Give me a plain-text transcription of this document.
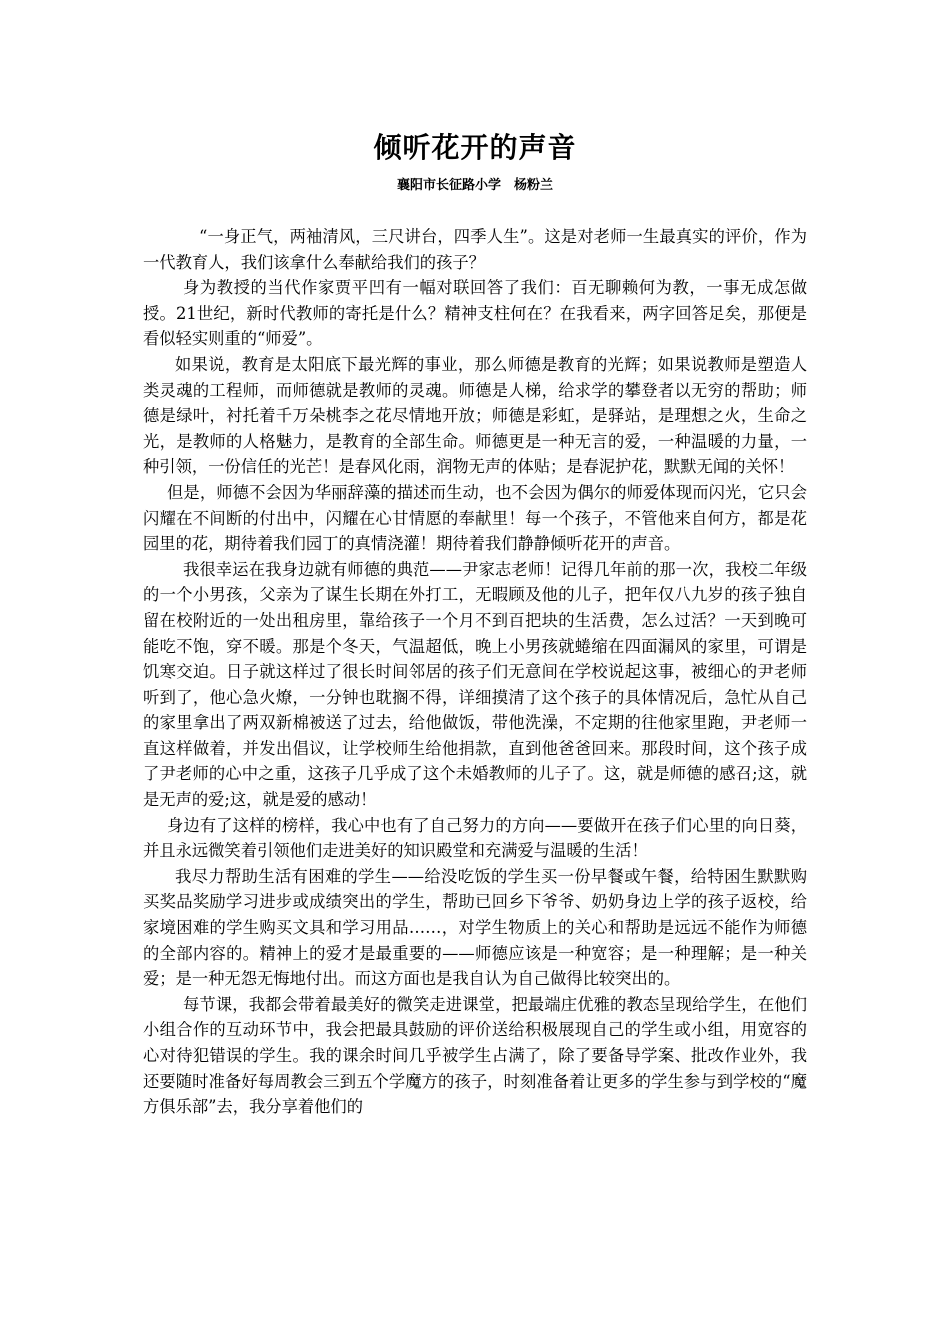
倾听花开的声音
襄阳市长征路小学　杨粉兰

“一身正气，两袖清风，三尺讲台，四季人生”。这是对老师一生最真实的评价，作为一代教育人，我们该拿什么奉献给我们的孩子？

身为教授的当代作家贾平凹有一幅对联回答了我们：百无聊赖何为教，一事无成怎做授。21世纪，新时代教师的寄托是什么？精神支柱何在？在我看来，两字回答足矣，那便是看似轻实则重的“师爱”。

如果说，教育是太阳底下最光辉的事业，那么师德是教育的光辉；如果说教师是塑造人类灵魂的工程师，而师德就是教师的灵魂。师德是人梯，给求学的攀登者以无穷的帮助；师德是绿叶，衬托着千万朵桃李之花尽情地开放；师德是彩虹，是驿站，是理想之火，生命之光，是教师的人格魅力，是教育的全部生命。师德更是一种无言的爱，一种温暖的力量，一种引领，一份信任的光芒！是春风化雨，润物无声的体贴；是春泥护花，默默无闻的关怀！

但是，师德不会因为华丽辞藻的描述而生动，也不会因为偶尔的师爱体现而闪光，它只会闪耀在不间断的付出中，闪耀在心甘情愿的奉献里！每一个孩子，不管他来自何方，都是花园里的花，期待着我们园丁的真情浇灌！期待着我们静静倾听花开的声音。

我很幸运在我身边就有师德的典范——尹家志老师！记得几年前的那一次，我校二年级的一个小男孩，父亲为了谋生长期在外打工，无暇顾及他的儿子，把年仅八九岁的孩子独自留在校附近的一处出租房里，靠给孩子一个月不到百把块的生活费，怎么过活？一天到晚可能吃不饱，穿不暖。那是个冬天，气温超低，晚上小男孩就蜷缩在四面漏风的家里，可谓是饥寒交迫。日子就这样过了很长时间邻居的孩子们无意间在学校说起这事，被细心的尹老师听到了，他心急火燎，一分钟也耽搁不得，详细摸清了这个孩子的具体情况后，急忙从自己的家里拿出了两双新棉被送了过去，给他做饭，带他洗澡，不定期的往他家里跑，尹老师一直这样做着，并发出倡议，让学校师生给他捐款，直到他爸爸回来。那段时间，这个孩子成了尹老师的心中之重，这孩子几乎成了这个未婚教师的儿子了。这，就是师德的感召;这，就是无声的爱;这，就是爱的感动！

身边有了这样的榜样，我心中也有了自己努力的方向——要做开在孩子们心里的向日葵，并且永远微笑着引领他们走进美好的知识殿堂和充满爱与温暖的生活！

我尽力帮助生活有困难的学生——给没吃饭的学生买一份早餐或午餐，给特困生默默购买奖品奖励学习进步或成绩突出的学生，帮助已回乡下爷爷、奶奶身边上学的孩子返校，给家境困难的学生购买文具和学习用品……，对学生物质上的关心和帮助是远远不能作为师德的全部内容的。精神上的爱才是最重要的——师德应该是一种宽容；是一种理解；是一种关爱；是一种无怨无悔地付出。而这方面也是我自认为自己做得比较突出的。

每节课，我都会带着最美好的微笑走进课堂，把最端庄优雅的教态呈现给学生，在他们小组合作的互动环节中，我会把最具鼓励的评价送给积极展现自己的学生或小组，用宽容的心对待犯错误的学生。我的课余时间几乎被学生占满了，除了要备导学案、批改作业外，我还要随时准备好每周教会三到五个学魔方的孩子，时刻准备着让更多的学生参与到学校的“魔方俱乐部”去，我分享着他们的
